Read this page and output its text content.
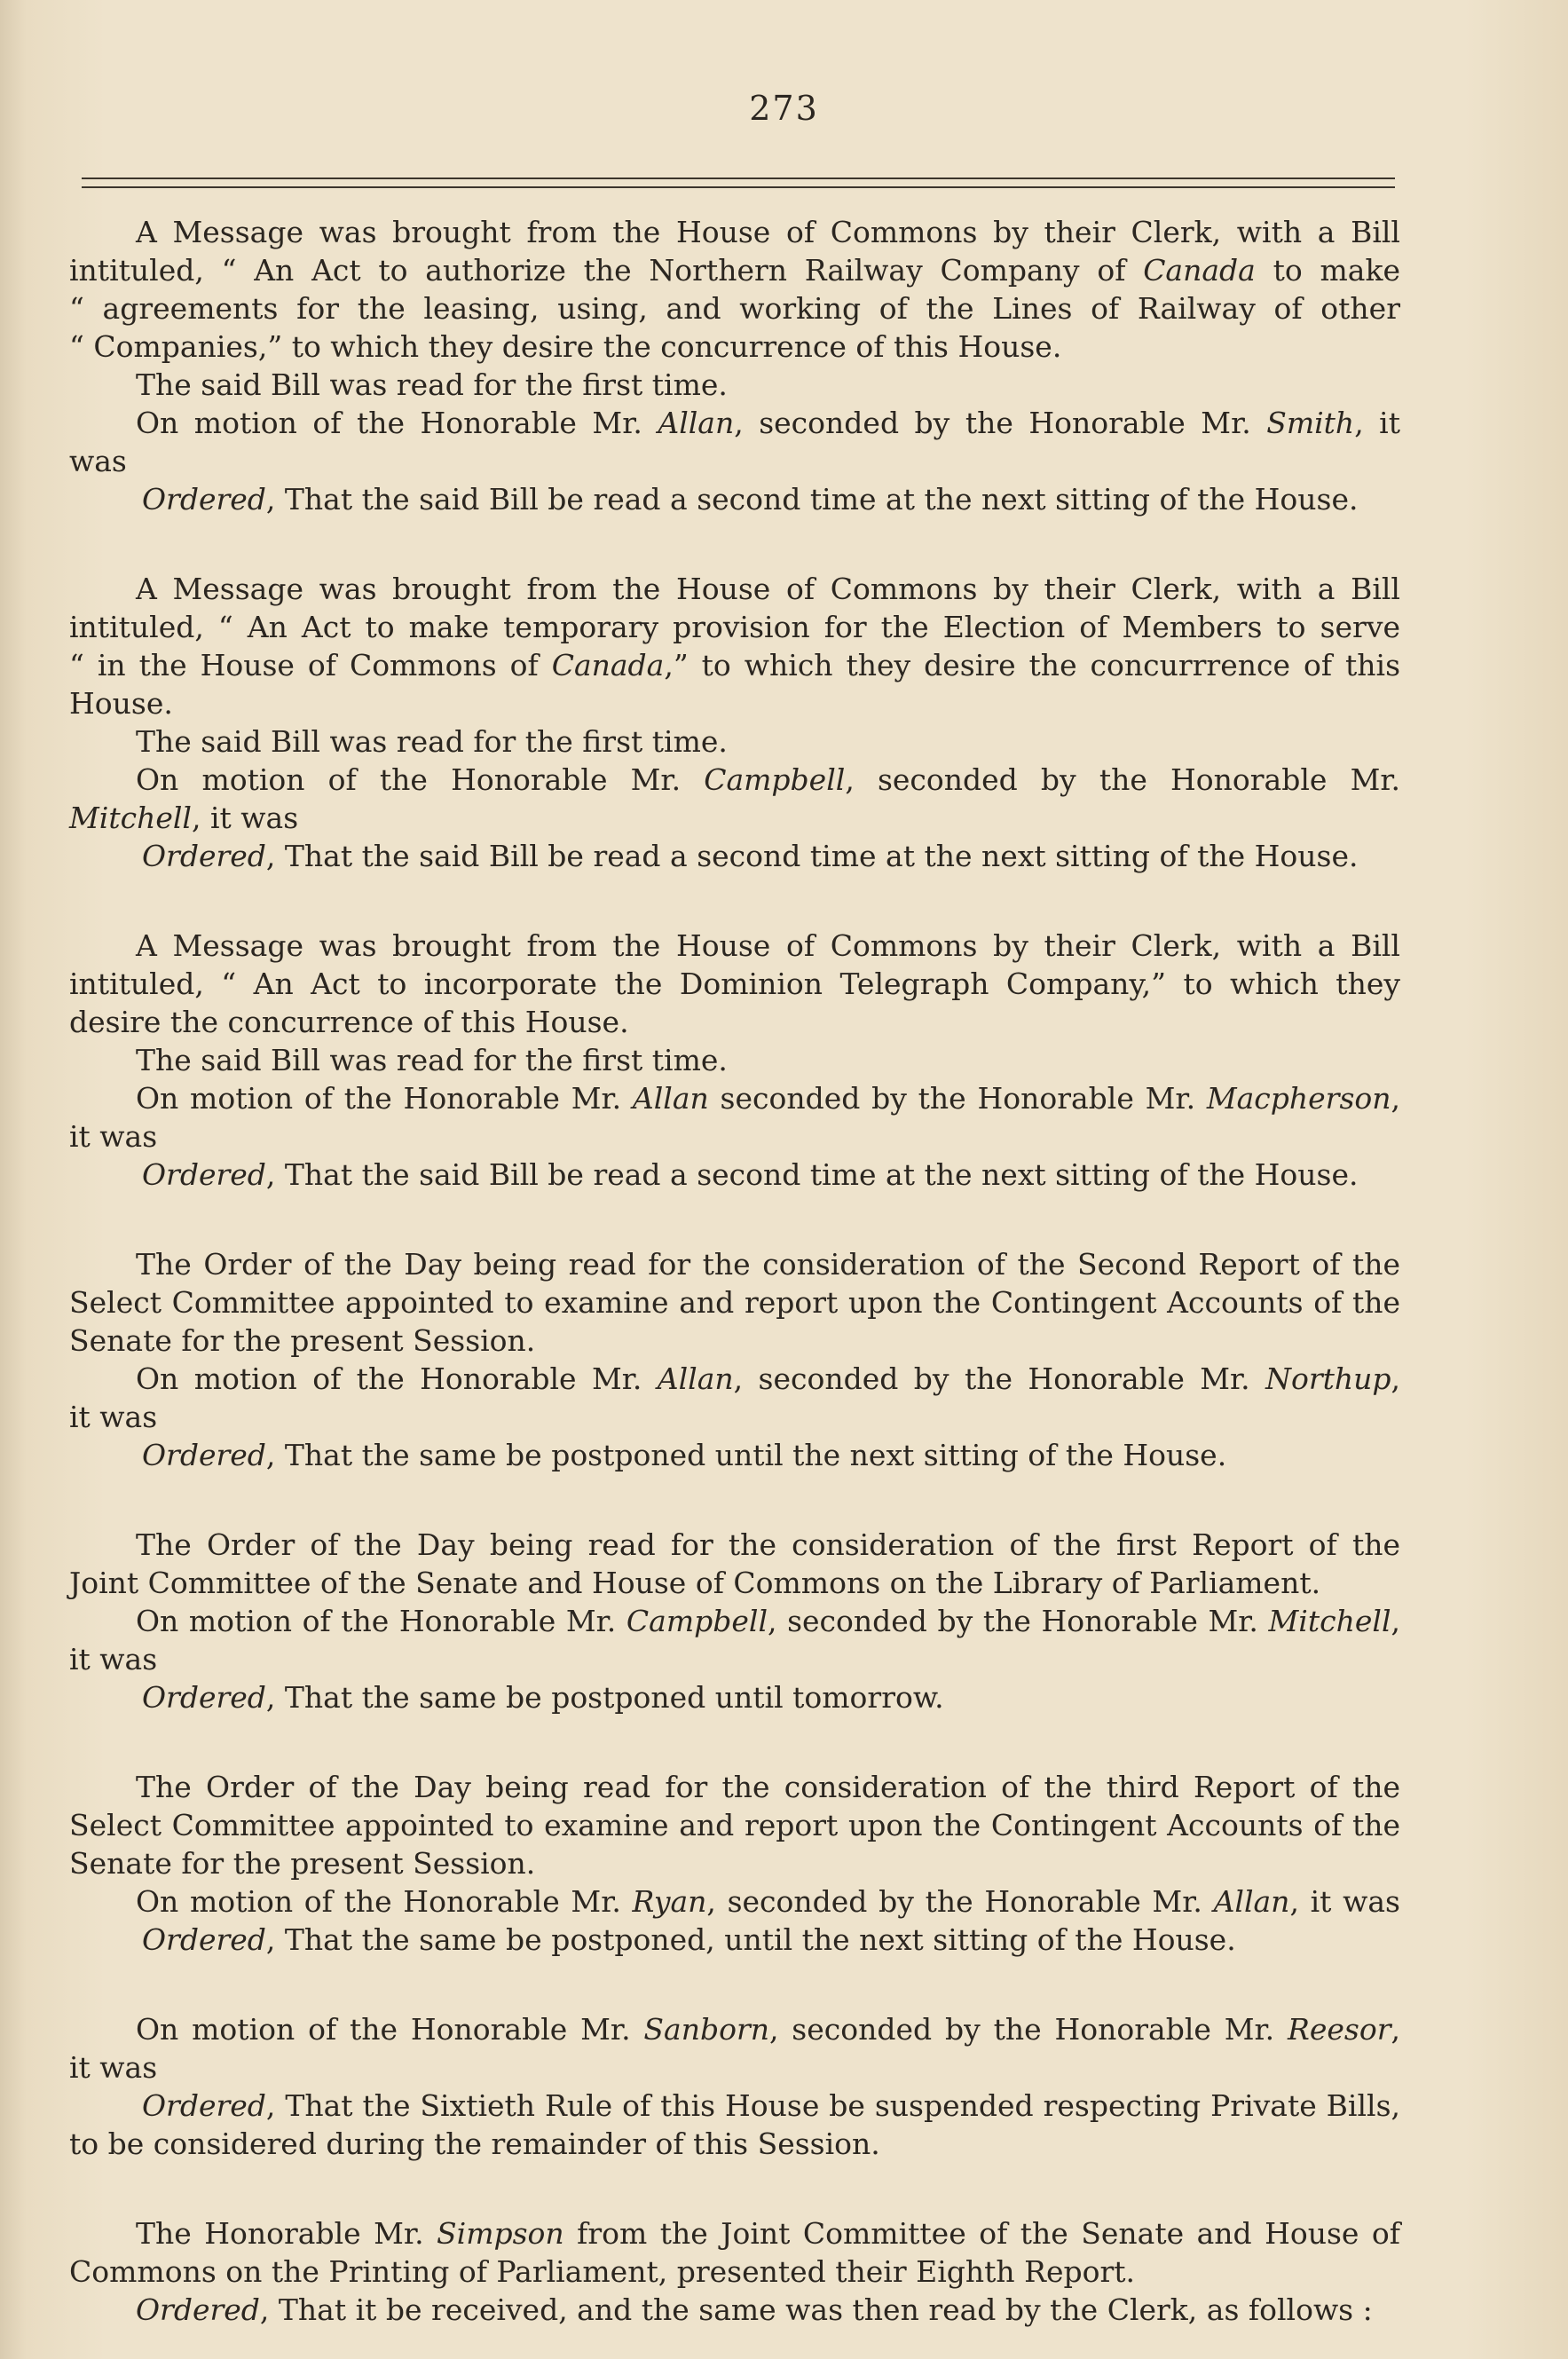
273
A Message was brought from the House of Commons by their Clerk, with a Bill
intituled, “ An Act to authorize the Northern Railway Company of Canada to make
“ agreements for the leasing, using, and working of the Lines of Railway of other
“ Companies,” to which they desire the concurrence of this House.
The said Bill was read for the first time.
On motion of the Honorable Mr. Allan, seconded by the Honorable Mr. Smith, it
was
Ordered, That the said Bill be read a second time at the next sitting of the House.
A Message was brought from the House of Commons by their Clerk, with a Bill
intituled, “ An Act to make temporary provision for the Election of Members to serve
“ in the House of Commons of Canada,” to which they desire the concurrrence of this
House.
The said Bill was read for the first time.
On motion of the Honorable Mr. Campbell, seconded by the Honorable Mr.
Mitchell, it was
Ordered, That the said Bill be read a second time at the next sitting of the House.
A Message was brought from the House of Commons by their Clerk, with a Bill
intituled, “ An Act to incorporate the Dominion Telegraph Company,” to which they
desire the concurrence of this House.
The said Bill was read for the first time.
On motion of the Honorable Mr. Allan seconded by the Honorable Mr. Macpherson,
it was
Ordered, That the said Bill be read a second time at the next sitting of the House.
The Order of the Day being read for the consideration of the Second Report of the
Select Committee appointed to examine and report upon the Contingent Accounts of the
Senate for the present Session.
On motion of the Honorable Mr. Allan, seconded by the Honorable Mr. Northup,
it was
Ordered, That the same be postponed until the next sitting of the House.
The Order of the Day being read for the consideration of the first Report of the
Joint Committee of the Senate and House of Commons on the Library of Parliament.
On motion of the Honorable Mr. Campbell, seconded by the Honorable Mr. Mitchell,
it was
Ordered, That the same be postponed until tomorrow.
The Order of the Day being read for the consideration of the third Report of the
Select Committee appointed to examine and report upon the Contingent Accounts of the
Senate for the present Session.
On motion of the Honorable Mr. Ryan, seconded by the Honorable Mr. Allan, it was
Ordered, That the same be postponed, until the next sitting of the House.
On motion of the Honorable Mr. Sanborn, seconded by the Honorable Mr. Reesor,
it was
Ordered, That the Sixtieth Rule of this House be suspended respecting Private Bills,
to be considered during the remainder of this Session.
The Honorable Mr. Simpson from the Joint Committee of the Senate and House of
Commons on the Printing of Parliament, presented their Eighth Report.
Ordered, That it be received, and the same was then read by the Clerk, as follows :
